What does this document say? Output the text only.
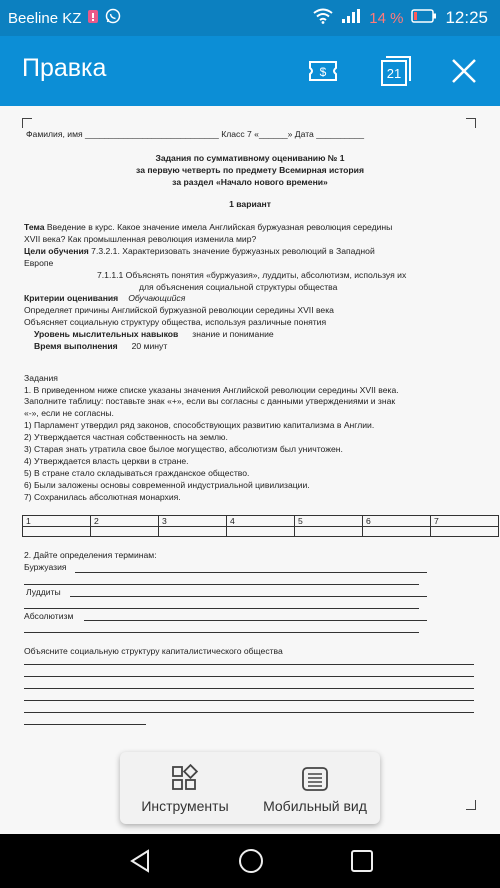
Beeline KZ	14 % 12:25
Правка	$	21
Фамилия, имя ____________________________ Класс 7 «______» Дата __________
Задания по суммативному оцениванию № 1
за первую четверть по предмету Всемирная история
за раздел «Начало нового времени»
1 вариант
Тема Введение в курс. Какое значение имела Английская буржуазная революция середины
XVII века? Как промышленная революция изменила мир?
Цели обучения 7.3.2.1. Характеризовать значение буржуазных революций в Западной
Европе
7.1.1.1 Объяснять понятия «буржуазия», луддиты, абсолютизм, используя их
для объяснения социальной структуры общества
Критерии оценивания Обучающийся
Определяет причины Английской буржуазной революции середины XVII века
Объясняет социальную структуру общества, используя различные понятия
Уровень мыслительных навыков знание и понимание
Время выполнения 20 минут
Задания
1. В приведенном ниже списке указаны значения Английской революции середины XVII века.
Заполните таблицу: поставьте знак «+», если вы согласны с данными утверждениями и знак
«-», если не согласны.
1) Парламент утвердил ряд законов, способствующих развитию капитализма в Англии.
2) Утверждается частная собственность на землю.
3) Старая знать утратила свое былое могущество, абсолютизм был уничтожен.
4) Утверждается власть церкви в стране.
5) В стране стало складываться гражданское общество.
6) Были заложены основы современной индустриальной цивилизации.
7) Сохранилась абсолютная монархия.
1	2	3	4	5	6	7

2. Дайте определения терминам:
Буржуазия
Луддиты
Абсолютизм
Объясните социальную структуру капиталистического общества
Инструменты	Мобильный вид
